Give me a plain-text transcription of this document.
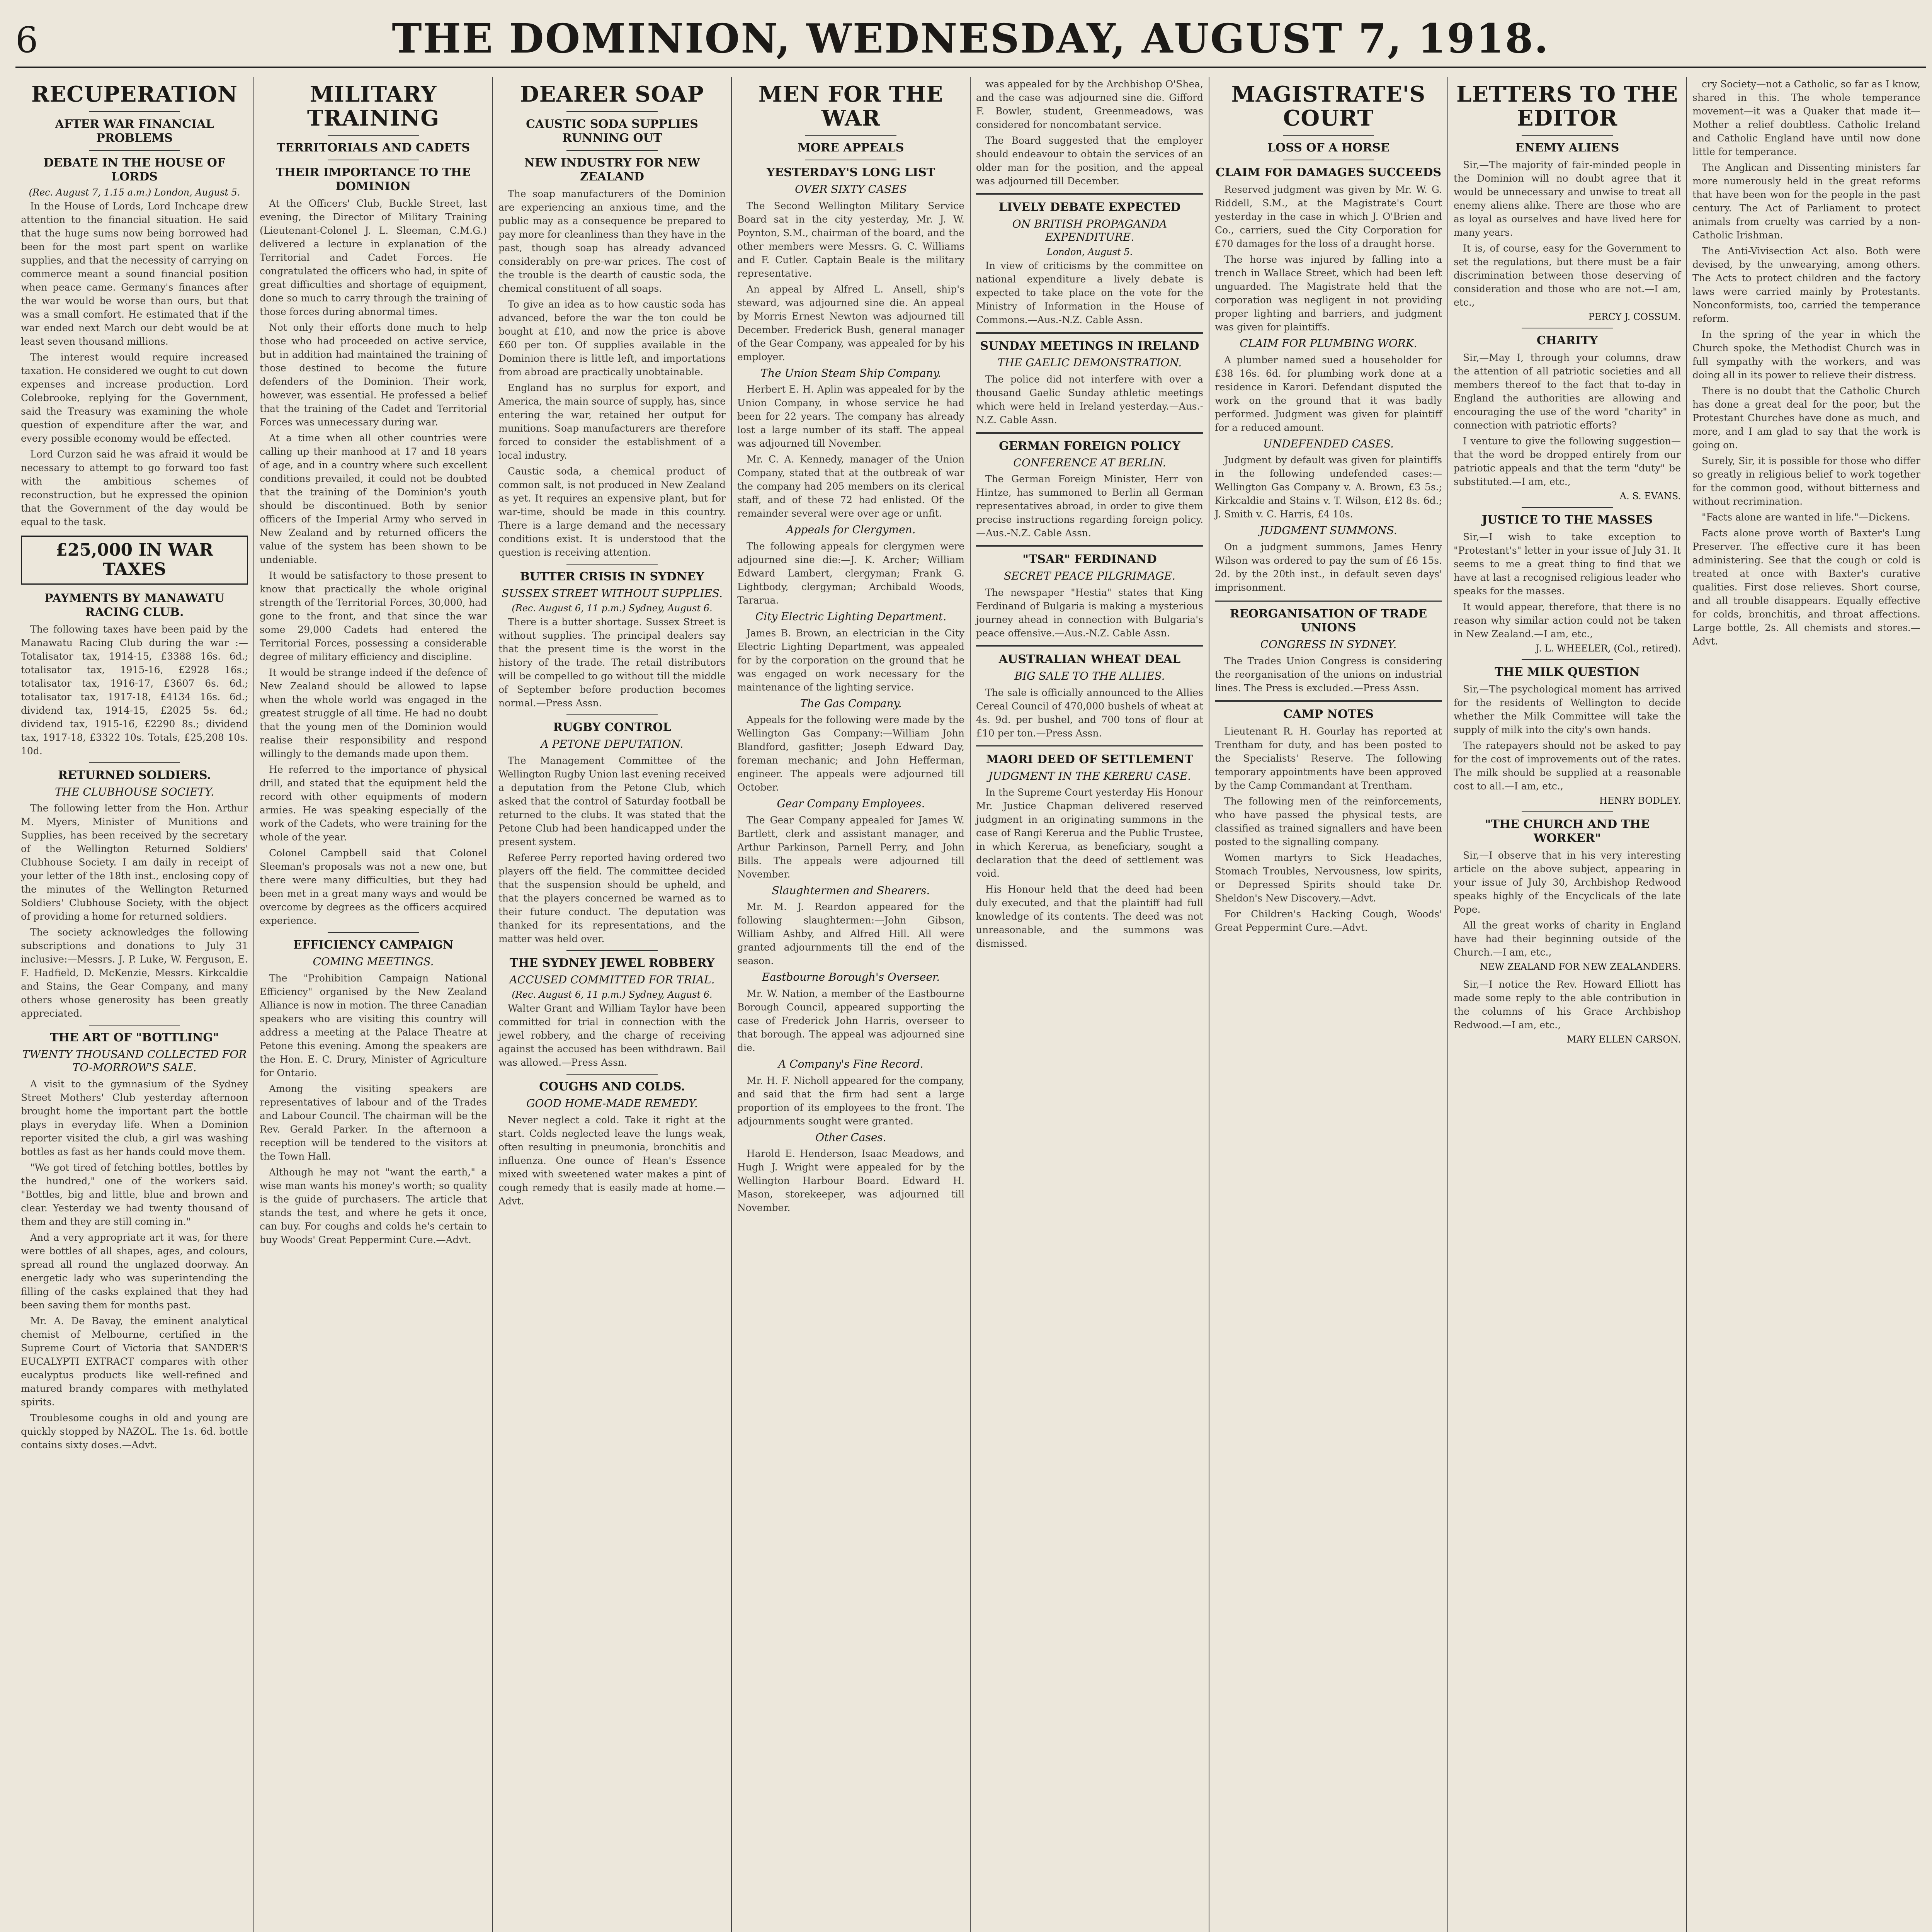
6	THE DOMINION, WEDNESDAY, AUGUST 7, 1918.
RECUPERATION
AFTER WAR FINANCIAL PROBLEMS
DEBATE IN THE HOUSE OF LORDS
(Rec. August 7, 1.15 a.m.) London, August 5.

In the House of Lords, Lord Inchcape drew attention to the financial situation. He said that the huge sums now being borrowed had been for the most part spent on warlike supplies, and that the necessity of carrying on commerce meant a sound financial position when peace came. Germany's finances after the war would be worse than ours, but that was a small comfort. He estimated that if the war ended next March our debt would be at least seven thousand millions.

The interest would require increased taxation. He considered we ought to cut down expenses and increase production. Lord Colebrooke, replying for the Government, said the Treasury was examining the whole question of expenditure after the war, and every possible economy would be effected.

Lord Curzon said he was afraid it would be necessary to attempt to go forward too fast with the ambitious schemes of reconstruction, but he expressed the opinion that the Government of the day would be equal to the task.

£25,000 IN WAR TAXES
PAYMENTS BY MANAWATU RACING CLUB.

The following taxes have been paid by the Manawatu Racing Club during the war :—Totalisator tax, 1914-15, £3388 16s. 6d.; totalisator tax, 1915-16, £2928 16s.; totalisator tax, 1916-17, £3607 6s. 6d.; totalisator tax, 1917-18, £4134 16s. 6d.; dividend tax, 1914-15, £2025 5s. 6d.; dividend tax, 1915-16, £2290 8s.; dividend tax, 1917-18, £3322 10s. Totals, £25,208 10s. 10d.

RETURNED SOLDIERS.
THE CLUBHOUSE SOCIETY.

The following letter from the Hon. Arthur M. Myers, Minister of Munitions and Supplies, has been received by the secretary of the Wellington Returned Soldiers' Clubhouse Society. I am daily in receipt of your letter of the 18th inst., enclosing copy of the minutes of the Wellington Returned Soldiers' Clubhouse Society, with the object of providing a home for returned soldiers.

The society acknowledges the following subscriptions and donations to July 31 inclusive:—Messrs. J. P. Luke, W. Ferguson, E. F. Hadfield, D. McKenzie, Messrs. Kirkcaldie and Stains, the Gear Company, and many others whose generosity has been greatly appreciated.

THE ART OF "BOTTLING"
TWENTY THOUSAND COLLECTED FOR TO-MORROW'S SALE.

A visit to the gymnasium of the Sydney Street Mothers' Club yesterday afternoon brought home the important part the bottle plays in everyday life. When a Dominion reporter visited the club, a girl was washing bottles as fast as her hands could move them.

"We got tired of fetching bottles, bottles by the hundred," one of the workers said. "Bottles, big and little, blue and brown and clear. Yesterday we had twenty thousand of them and they are still coming in."

And a very appropriate art it was, for there were bottles of all shapes, ages, and colours, spread all round the unglazed doorway. An energetic lady who was superintending the filling of the casks explained that they had been saving them for months past.

Mr. A. De Bavay, the eminent analytical chemist of Melbourne, certified in the Supreme Court of Victoria that SANDER'S EUCALYPTI EXTRACT compares with other eucalyptus products like well-refined and matured brandy compares with methylated spirits.

Troublesome coughs in old and young are quickly stopped by NAZOL. The 1s. 6d. bottle contains sixty doses.—Advt.

MILITARY TRAINING
TERRITORIALS AND CADETS
THEIR IMPORTANCE TO THE DOMINION

At the Officers' Club, Buckle Street, last evening, the Director of Military Training (Lieutenant-Colonel J. L. Sleeman, C.M.G.) delivered a lecture in explanation of the Territorial and Cadet Forces. He congratulated the officers who had, in spite of great difficulties and shortage of equipment, done so much to carry through the training of those forces during abnormal times.

Not only their efforts done much to help those who had proceeded on active service, but in addition had maintained the training of those destined to become the future defenders of the Dominion. Their work, however, was essential. He professed a belief that the training of the Cadet and Territorial Forces was unnecessary during war.

At a time when all other countries were calling up their manhood at 17 and 18 years of age, and in a country where such excellent conditions prevailed, it could not be doubted that the training of the Dominion's youth should be discontinued. Both by senior officers of the Imperial Army who served in New Zealand and by returned officers the value of the system has been shown to be undeniable.

It would be satisfactory to those present to know that practically the whole original strength of the Territorial Forces, 30,000, had gone to the front, and that since the war some 29,000 Cadets had entered the Territorial Forces, possessing a considerable degree of military efficiency and discipline.

It would be strange indeed if the defence of New Zealand should be allowed to lapse when the whole world was engaged in the greatest struggle of all time. He had no doubt that the young men of the Dominion would realise their responsibility and respond willingly to the demands made upon them.

He referred to the importance of physical drill, and stated that the equipment held the record with other equipments of modern armies. He was speaking especially of the work of the Cadets, who were training for the whole of the year.

Colonel Campbell said that Colonel Sleeman's proposals was not a new one, but there were many difficulties, but they had been met in a great many ways and would be overcome by degrees as the officers acquired experience.

EFFICIENCY CAMPAIGN
COMING MEETINGS.

The "Prohibition Campaign National Efficiency" organised by the New Zealand Alliance is now in motion. The three Canadian speakers who are visiting this country will address a meeting at the Palace Theatre at Petone this evening. Among the speakers are the Hon. E. C. Drury, Minister of Agriculture for Ontario.

Among the visiting speakers are representatives of labour and of the Trades and Labour Council. The chairman will be the Rev. Gerald Parker. In the afternoon a reception will be tendered to the visitors at the Town Hall.

Although he may not "want the earth," a wise man wants his money's worth; so quality is the guide of purchasers. The article that stands the test, and where he gets it once, can buy. For coughs and colds he's certain to buy Woods' Great Peppermint Cure.—Advt.

DEARER SOAP
CAUSTIC SODA SUPPLIES RUNNING OUT
NEW INDUSTRY FOR NEW ZEALAND

The soap manufacturers of the Dominion are experiencing an anxious time, and the public may as a consequence be prepared to pay more for cleanliness than they have in the past, though soap has already advanced considerably on pre-war prices. The cost of the trouble is the dearth of caustic soda, the chemical constituent of all soaps.

To give an idea as to how caustic soda has advanced, before the war the ton could be bought at £10, and now the price is above £60 per ton. Of supplies available in the Dominion there is little left, and importations from abroad are practically unobtainable.

England has no surplus for export, and America, the main source of supply, has, since entering the war, retained her output for munitions. Soap manufacturers are therefore forced to consider the establishment of a local industry.

Caustic soda, a chemical product of common salt, is not produced in New Zealand as yet. It requires an expensive plant, but for war-time, should be made in this country. There is a large demand and the necessary conditions exist. It is understood that the question is receiving attention.

BUTTER CRISIS IN SYDNEY
SUSSEX STREET WITHOUT SUPPLIES.
(Rec. August 6, 11 p.m.) Sydney, August 6.

There is a butter shortage. Sussex Street is without supplies. The principal dealers say that the present time is the worst in the history of the trade. The retail distributors will be compelled to go without till the middle of September before production becomes normal.—Press Assn.

RUGBY CONTROL
A PETONE DEPUTATION.

The Management Committee of the Wellington Rugby Union last evening received a deputation from the Petone Club, which asked that the control of Saturday football be returned to the clubs. It was stated that the Petone Club had been handicapped under the present system.

Referee Perry reported having ordered two players off the field. The committee decided that the suspension should be upheld, and that the players concerned be warned as to their future conduct. The deputation was thanked for its representations, and the matter was held over.

THE SYDNEY JEWEL ROBBERY
ACCUSED COMMITTED FOR TRIAL.
(Rec. August 6, 11 p.m.) Sydney, August 6.

Walter Grant and William Taylor have been committed for trial in connection with the jewel robbery, and the charge of receiving against the accused has been withdrawn. Bail was allowed.—Press Assn.

COUGHS AND COLDS.
GOOD HOME-MADE REMEDY.

Never neglect a cold. Take it right at the start. Colds neglected leave the lungs weak, often resulting in pneumonia, bronchitis and influenza. One ounce of Hean's Essence mixed with sweetened water makes a pint of cough remedy that is easily made at home.—Advt.

MEN FOR THE WAR
MORE APPEALS
YESTERDAY'S LONG LIST
OVER SIXTY CASES

The Second Wellington Military Service Board sat in the city yesterday, Mr. J. W. Poynton, S.M., chairman of the board, and the other members were Messrs. G. C. Williams and F. Cutler. Captain Beale is the military representative.

An appeal by Alfred L. Ansell, ship's steward, was adjourned sine die. An appeal by Morris Ernest Newton was adjourned till December. Frederick Bush, general manager of the Gear Company, was appealed for by his employer.

The Union Steam Ship Company.

Herbert E. H. Aplin was appealed for by the Union Company, in whose service he had been for 22 years. The company has already lost a large number of its staff. The appeal was adjourned till November.

Mr. C. A. Kennedy, manager of the Union Company, stated that at the outbreak of war the company had 205 members on its clerical staff, and of these 72 had enlisted. Of the remainder several were over age or unfit.

Appeals for Clergymen.

The following appeals for clergymen were adjourned sine die:—J. K. Archer; William Edward Lambert, clergyman; Frank G. Lightbody, clergyman; Archibald Woods, Tararua.

City Electric Lighting Department.

James B. Brown, an electrician in the City Electric Lighting Department, was appealed for by the corporation on the ground that he was engaged on work necessary for the maintenance of the lighting service.

The Gas Company.

Appeals for the following were made by the Wellington Gas Company:—William John Blandford, gasfitter; Joseph Edward Day, foreman mechanic; and John Hefferman, engineer. The appeals were adjourned till October.

Gear Company Employees.

The Gear Company appealed for James W. Bartlett, clerk and assistant manager, and Arthur Parkinson, Parnell Perry, and John Bills. The appeals were adjourned till November.

Slaughtermen and Shearers.

Mr. M. J. Reardon appeared for the following slaughtermen:—John Gibson, William Ashby, and Alfred Hill. All were granted adjournments till the end of the season.

Eastbourne Borough's Overseer.

Mr. W. Nation, a member of the Eastbourne Borough Council, appeared supporting the case of Frederick John Harris, overseer to that borough. The appeal was adjourned sine die.

A Company's Fine Record.

Mr. H. F. Nicholl appeared for the company, and said that the firm had sent a large proportion of its employees to the front. The adjournments sought were granted.

Other Cases.

Harold E. Henderson, Isaac Meadows, and Hugh J. Wright were appealed for by the Wellington Harbour Board. Edward H. Mason, storekeeper, was adjourned till November.

was appealed for by the Archbishop O'Shea, and the case was adjourned sine die. Gifford F. Bowler, student, Greenmeadows, was considered for noncombatant service.

The Board suggested that the employer should endeavour to obtain the services of an older man for the position, and the appeal was adjourned till December.

LIVELY DEBATE EXPECTED
ON BRITISH PROPAGANDA EXPENDITURE.
London, August 5.

In view of criticisms by the committee on national expenditure a lively debate is expected to take place on the vote for the Ministry of Information in the House of Commons.—Aus.-N.Z. Cable Assn.

SUNDAY MEETINGS IN IRELAND
THE GAELIC DEMONSTRATION.

The police did not interfere with over a thousand Gaelic Sunday athletic meetings which were held in Ireland yesterday.—Aus.-N.Z. Cable Assn.

GERMAN FOREIGN POLICY
CONFERENCE AT BERLIN.

The German Foreign Minister, Herr von Hintze, has summoned to Berlin all German representatives abroad, in order to give them precise instructions regarding foreign policy.—Aus.-N.Z. Cable Assn.

"TSAR" FERDINAND
SECRET PEACE PILGRIMAGE.

The newspaper "Hestia" states that King Ferdinand of Bulgaria is making a mysterious journey ahead in connection with Bulgaria's peace offensive.—Aus.-N.Z. Cable Assn.

AUSTRALIAN WHEAT DEAL
BIG SALE TO THE ALLIES.

The sale is officially announced to the Allies Cereal Council of 470,000 bushels of wheat at 4s. 9d. per bushel, and 700 tons of flour at £10 per ton.—Press Assn.

MAORI DEED OF SETTLEMENT
JUDGMENT IN THE KERERU CASE.

In the Supreme Court yesterday His Honour Mr. Justice Chapman delivered reserved judgment in an originating summons in the case of Rangi Kererua and the Public Trustee, in which Kererua, as beneficiary, sought a declaration that the deed of settlement was void.

His Honour held that the deed had been duly executed, and that the plaintiff had full knowledge of its contents. The deed was not unreasonable, and the summons was dismissed.

MAGISTRATE'S COURT
LOSS OF A HORSE
CLAIM FOR DAMAGES SUCCEEDS

Reserved judgment was given by Mr. W. G. Riddell, S.M., at the Magistrate's Court yesterday in the case in which J. O'Brien and Co., carriers, sued the City Corporation for £70 damages for the loss of a draught horse.

The horse was injured by falling into a trench in Wallace Street, which had been left unguarded. The Magistrate held that the corporation was negligent in not providing proper lighting and barriers, and judgment was given for plaintiffs.

CLAIM FOR PLUMBING WORK.

A plumber named sued a householder for £38 16s. 6d. for plumbing work done at a residence in Karori. Defendant disputed the work on the ground that it was badly performed. Judgment was given for plaintiff for a reduced amount.

UNDEFENDED CASES.

Judgment by default was given for plaintiffs in the following undefended cases:—Wellington Gas Company v. A. Brown, £3 5s.; Kirkcaldie and Stains v. T. Wilson, £12 8s. 6d.; J. Smith v. C. Harris, £4 10s.

JUDGMENT SUMMONS.

On a judgment summons, James Henry Wilson was ordered to pay the sum of £6 15s. 2d. by the 20th inst., in default seven days' imprisonment.

REORGANISATION OF TRADE UNIONS
CONGRESS IN SYDNEY.

The Trades Union Congress is considering the reorganisation of the unions on industrial lines. The Press is excluded.—Press Assn.

CAMP NOTES

Lieutenant R. H. Gourlay has reported at Trentham for duty, and has been posted to the Specialists' Reserve. The following temporary appointments have been approved by the Camp Commandant at Trentham.

The following men of the reinforcements, who have passed the physical tests, are classified as trained signallers and have been posted to the signalling company.

Women martyrs to Sick Headaches, Stomach Troubles, Nervousness, low spirits, or Depressed Spirits should take Dr. Sheldon's New Discovery.—Advt.

For Children's Hacking Cough, Woods' Great Peppermint Cure.—Advt.

LETTERS TO THE EDITOR
ENEMY ALIENS

Sir,—The majority of fair-minded people in the Dominion will no doubt agree that it would be unnecessary and unwise to treat all enemy aliens alike. There are those who are as loyal as ourselves and have lived here for many years.

It is, of course, easy for the Government to set the regulations, but there must be a fair discrimination between those deserving of consideration and those who are not.—I am, etc.,

PERCY J. COSSUM.
CHARITY

Sir,—May I, through your columns, draw the attention of all patriotic societies and all members thereof to the fact that to-day in England the authorities are allowing and encouraging the use of the word "charity" in connection with patriotic efforts?

I venture to give the following suggestion—that the word be dropped entirely from our patriotic appeals and that the term "duty" be substituted.—I am, etc.,

A. S. EVANS.
JUSTICE TO THE MASSES

Sir,—I wish to take exception to "Protestant's" letter in your issue of July 31. It seems to me a great thing to find that we have at last a recognised religious leader who speaks for the masses.

It would appear, therefore, that there is no reason why similar action could not be taken in New Zealand.—I am, etc.,

J. L. WHEELER, (Col., retired).
THE MILK QUESTION

Sir,—The psychological moment has arrived for the residents of Wellington to decide whether the Milk Committee will take the supply of milk into the city's own hands.

The ratepayers should not be asked to pay for the cost of improvements out of the rates. The milk should be supplied at a reasonable cost to all.—I am, etc.,

HENRY BODLEY.
"THE CHURCH AND THE WORKER"

Sir,—I observe that in his very interesting article on the above subject, appearing in your issue of July 30, Archbishop Redwood speaks highly of the Encyclicals of the late Pope.

All the great works of charity in England have had their beginning outside of the Church.—I am, etc.,

NEW ZEALAND FOR NEW ZEALANDERS.

Sir,—I notice the Rev. Howard Elliott has made some reply to the able contribution in the columns of his Grace Archbishop Redwood.—I am, etc.,

MARY ELLEN CARSON.

cry Society—not a Catholic, so far as I know, shared in this. The whole temperance movement—it was a Quaker that made it—Mother a relief doubtless. Catholic Ireland and Catholic England have until now done little for temperance.

The Anglican and Dissenting ministers far more numerously held in the great reforms that have been won for the people in the past century. The Act of Parliament to protect animals from cruelty was carried by a non-Catholic Irishman.

The Anti-Vivisection Act also. Both were devised, by the unwearying, among others. The Acts to protect children and the factory laws were carried mainly by Protestants. Nonconformists, too, carried the temperance reform.

In the spring of the year in which the Church spoke, the Methodist Church was in full sympathy with the workers, and was doing all in its power to relieve their distress.

There is no doubt that the Catholic Church has done a great deal for the poor, but the Protestant Churches have done as much, and more, and I am glad to say that the work is going on.

Surely, Sir, it is possible for those who differ so greatly in religious belief to work together for the common good, without bitterness and without recrimination.

"Facts alone are wanted in life."—Dickens.

Facts alone prove worth of Baxter's Lung Preserver. The effective cure it has been administering. See that the cough or cold is treated at once with Baxter's curative qualities. First dose relieves. Short course, and all trouble disappears. Equally effective for colds, bronchitis, and throat affections. Large bottle, 2s. All chemists and stores.—Advt.
